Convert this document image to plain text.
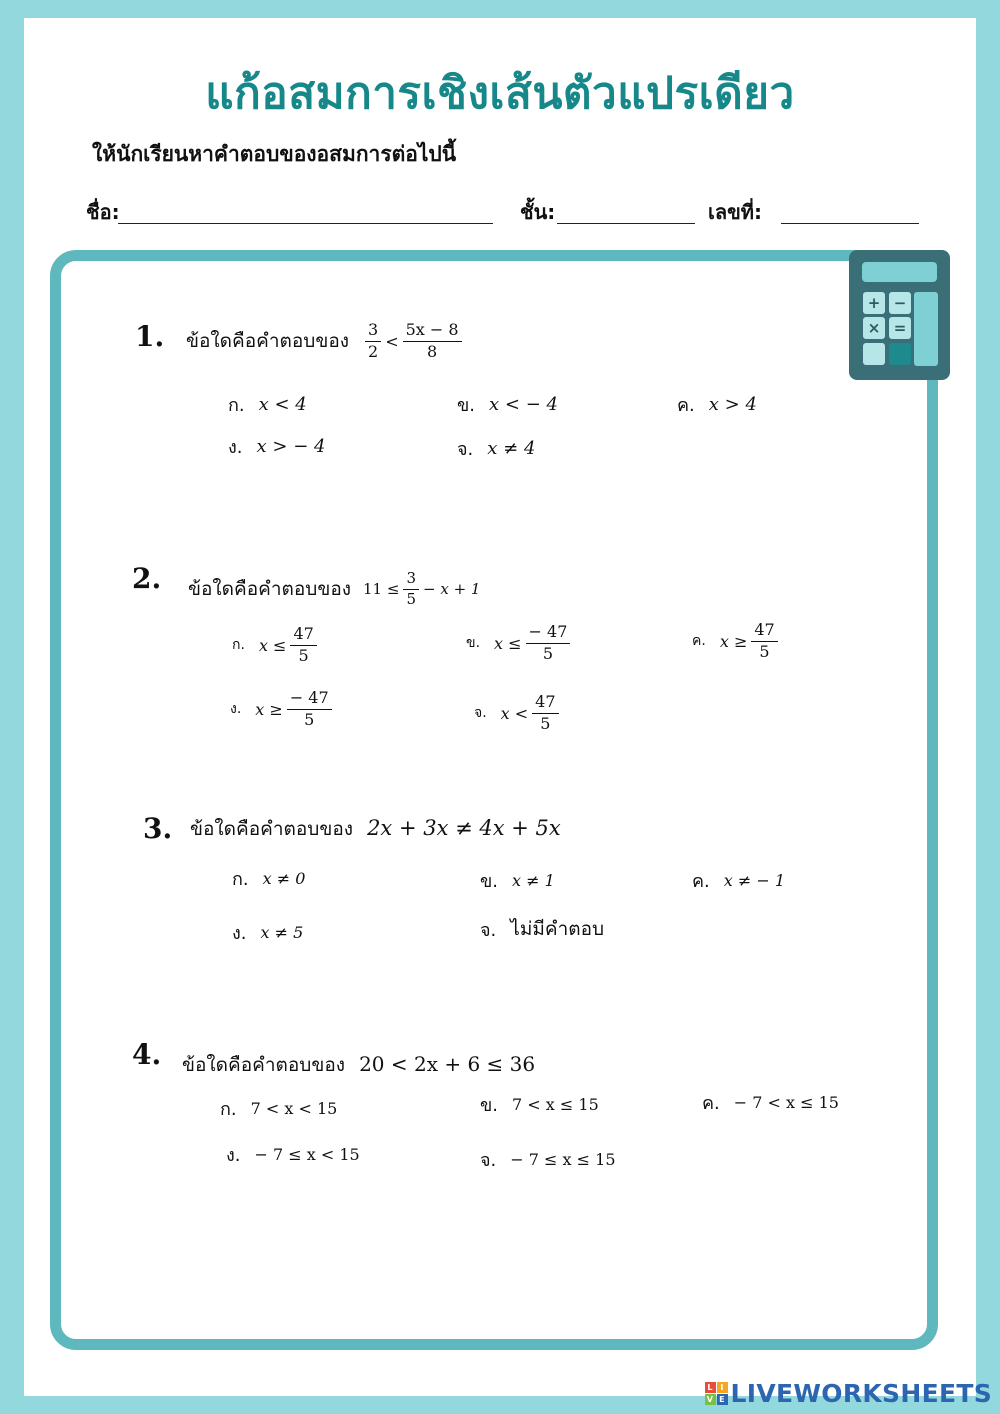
แก้อสมการเชิงเส้นตัวแปรเดียว
ให้นักเรียนหาคำตอบของอสมการต่อไปนี้
ชื่อ:	ชั้น:	เลขที่:
+ −
× =
1. ข้อใดคือคำตอบของ $\frac{3}{2} < \frac{5x - 8}{8}$
ก. x < 4	ข. x < − 4	ค. x > 4
ง. x > − 4	จ. x ≠ 4
2. ข้อใดคือคำตอบของ $11 \le \frac{3}{5} - x + 1$
ก. $x \le \frac{47}{5}$	ข. $x \le \frac{- 47}{5}$	ค. $x \ge \frac{47}{5}$
ง. $x \ge \frac{- 47}{5}$	จ. $x < \frac{47}{5}$
3. ข้อใดคือคำตอบของ 2x + 3x ≠ 4x + 5x
ก. x ≠ 0	ข. x ≠ 1	ค. x ≠ − 1
ง. x ≠ 5	จ. ไม่มีคำตอบ
4. ข้อใดคือคำตอบของ 20 < 2x + 6 ≤ 36
ก. 7 < x < 15	ข. 7 < x ≤ 15	ค. − 7 < x ≤ 15
ง. − 7 ≤ x < 15	จ. − 7 ≤ x ≤ 15
L I
V E LIVEWORKSHEETS
